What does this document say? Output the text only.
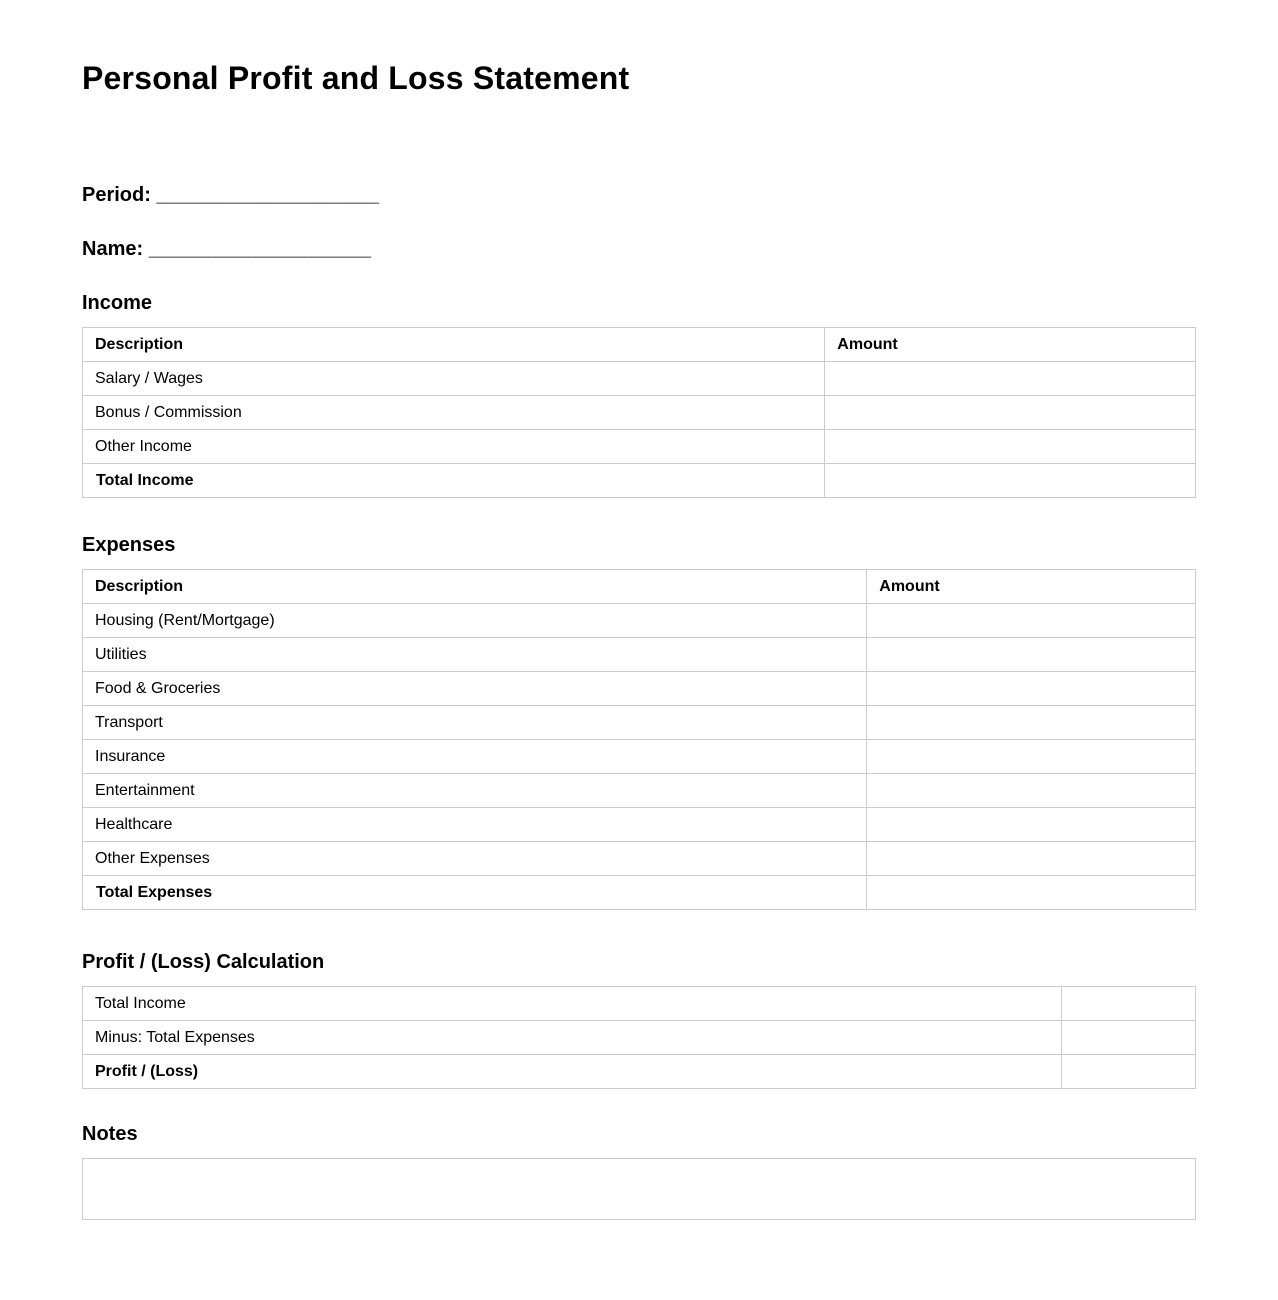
Personal Profit and Loss Statement
Period: ____________________
Name: ____________________
Income
Description	Amount
Salary / Wages	
Bonus / Commission	
Other Income	
Total Income	
Expenses
Description	Amount
Housing (Rent/Mortgage)	
Utilities	
Food & Groceries	
Transport	
Insurance	
Entertainment	
Healthcare	
Other Expenses	
Total Expenses	
Profit / (Loss) Calculation
Total Income	
Minus: Total Expenses	
Profit / (Loss)	
Notes
